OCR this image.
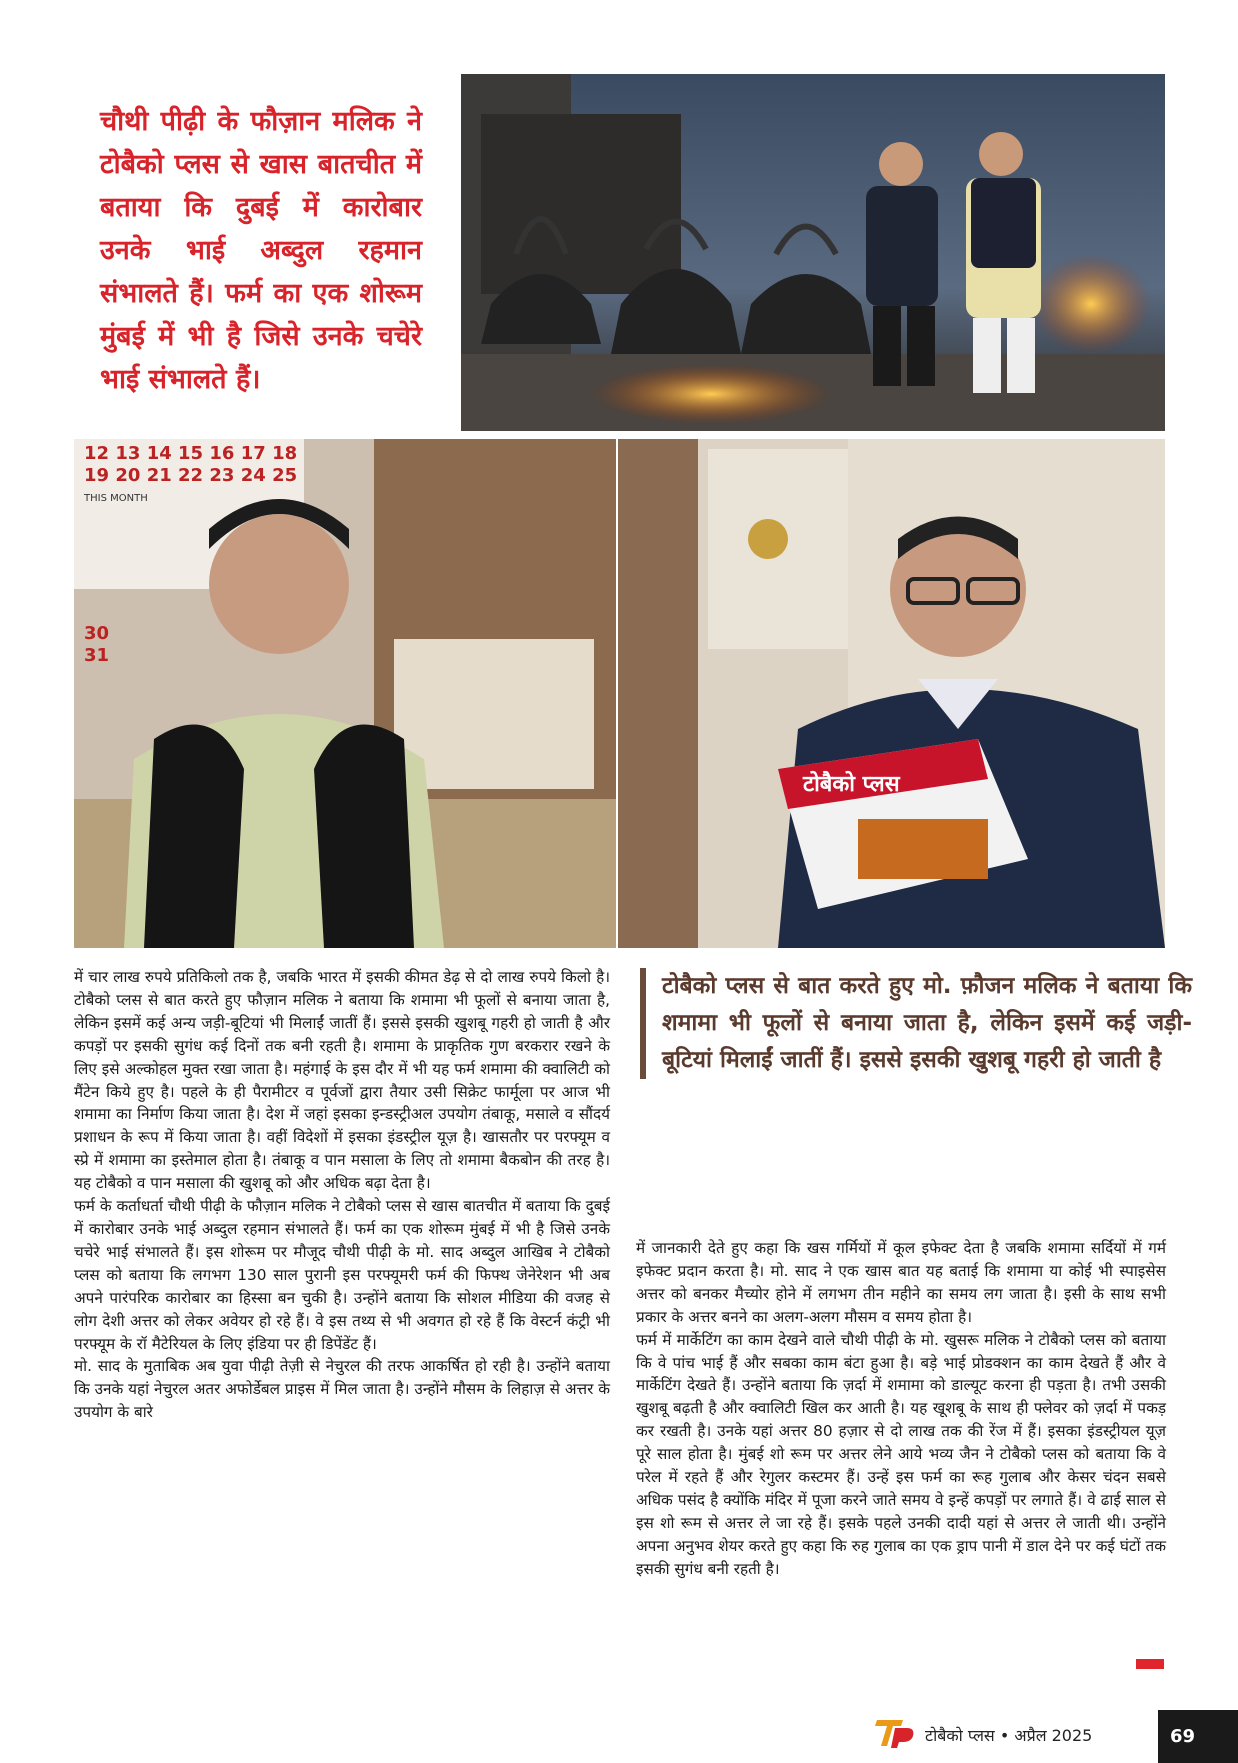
चौथी पीढ़ी के फौज़ान मलिक ने टोबैको प्लस से खास बातचीत में बताया कि दुबई में कारोबार उनके भाई अब्दुल रहमान संभालते हैं। फर्म का एक शोरूम मुंबई में भी है जिसे उनके चचेरे भाई संभालते हैं।

12 13 14 15 16 17 18
19 20 21 22 23 24 25
THIS MONTH
30
31
टोबैको प्लस

में चार लाख रुपये प्रतिकिलो तक है, जबकि भारत में इसकी कीमत डेढ़ से दो लाख रुपये किलो है। टोबैको प्लस से बात करते हुए फौज़ान मलिक ने बताया कि शमामा भी फूलों से बनाया जाता है, लेकिन इसमें कई अन्य जड़ी-बूटियां भी मिलाईं जातीं हैं। इससे इसकी खुशबू गहरी हो जाती है और कपड़ों पर इसकी सुगंध कई दिनों तक बनी रहती है। शमामा के प्राकृतिक गुण बरकरार रखने के लिए इसे अल्कोहल मुक्त रखा जाता है। महंगाई के इस दौर में भी यह फर्म शमामा की क्वालिटी को मैंटेन किये हुए है। पहले के ही पैरामीटर व पूर्वजों द्वारा तैयार उसी सिक्रेट फार्मूला पर आज भी शमामा का निर्माण किया जाता है। देश में जहां इसका इन्डस्ट्रीअल उपयोग तंबाकू, मसाले व सौंदर्य प्रशाधन के रूप में किया जाता है। वहीं विदेशों में इसका इंडस्ट्रील यूज़ है। खासतौर पर परफ्यूम व स्प्रे में शमामा का इस्तेमाल होता है। तंबाकू व पान मसाला के लिए तो शमामा बैकबोन की तरह है। यह टोबैको व पान मसाला की खुशबू को और अधिक बढ़ा देता है।

फर्म के कर्ताधर्ता चौथी पीढ़ी के फौज़ान मलिक ने टोबैको प्लस से खास बातचीत में बताया कि दुबई में कारोबार उनके भाई अब्दुल रहमान संभालते हैं। फर्म का एक शोरूम मुंबई में भी है जिसे उनके चचेरे भाई संभालते हैं। इस शोरूम पर मौजूद चौथी पीढ़ी के मो. साद अब्दुल आखिब ने टोबैको प्लस को बताया कि लगभग 130 साल पुरानी इस परफ्यूमरी फर्म की फिफ्थ जेनेरेशन भी अब अपने पारंपरिक कारोबार का हिस्सा बन चुकी है। उन्होंने बताया कि सोशल मीडिया की वजह से लोग देशी अत्तर को लेकर अवेयर हो रहे हैं। वे इस तथ्य से भी अवगत हो रहे हैं कि वेस्टर्न कंट्री भी परफ्यूम के रॉ मैटेरियल के लिए इंडिया पर ही डिपेंडेंट हैं।

मो. साद के मुताबिक अब युवा पीढ़ी तेज़ी से नेचुरल की तरफ आकर्षित हो रही है। उन्होंने बताया कि उनके यहां नेचुरल अतर अफोर्डेबल प्राइस में मिल जाता है। उन्होंने मौसम के लिहाज़ से अत्तर के उपयोग के बारे

टोबैको प्लस से बात करते हुए मो. फ़ौजन मलिक ने बताया कि शमामा भी फूलों से बनाया जाता है, लेकिन इसमें कई जड़ी-बूटियां मिलाईं जातीं हैं। इससे इसकी खुशबू गहरी हो जाती है

में जानकारी देते हुए कहा कि खस गर्मियों में कूल इफेक्ट देता है जबकि शमामा सर्दियों में गर्म इफेक्ट प्रदान करता है। मो. साद ने एक खास बात यह बताई कि शमामा या कोई भी स्पाइसेस अत्तर को बनकर मैच्योर होने में लगभग तीन महीने का समय लग जाता है। इसी के साथ सभी प्रकार के अत्तर बनने का अलग-अलग मौसम व समय होता है।

फर्म में मार्केटिंग का काम देखने वाले चौथी पीढ़ी के मो. खुसरू मलिक ने टोबैको प्लस को बताया कि वे पांच भाई हैं और सबका काम बंटा हुआ है। बड़े भाई प्रोडक्शन का काम देखते हैं और वे मार्केटिंग देखते हैं। उन्होंने बताया कि ज़र्दा में शमामा को डाल्यूट करना ही पड़ता है। तभी उसकी खुशबू बढ़ती है और क्वालिटी खिल कर आती है। यह खूशबू के साथ ही फ्लेवर को ज़र्दा में पकड़ कर रखती है। उनके यहां अत्तर 80 हज़ार से दो लाख तक की रेंज में हैं। इसका इंडस्ट्रीयल यूज़ पूरे साल होता है। मुंबई शो रूम पर अत्तर लेने आये भव्य जैन ने टोबैको प्लस को बताया कि वे परेल में रहते हैं और रेगुलर कस्टमर हैं। उन्हें इस फर्म का रूह गुलाब और केसर चंदन सबसे अधिक पसंद है क्योंकि मंदिर में पूजा करने जाते समय वे इन्हें कपड़ों पर लगाते हैं। वे ढाई साल से इस शो रूम से अत्तर ले जा रहे हैं। इसके पहले उनकी दादी यहां से अत्तर ले जाती थी। उन्होंने अपना अनुभव शेयर करते हुए कहा कि रुह गुलाब का एक ड्राप पानी में डाल देने पर कई घंटों तक इसकी सुगंध बनी रहती है।

टोबैको प्लस • अप्रैल 2025	69
